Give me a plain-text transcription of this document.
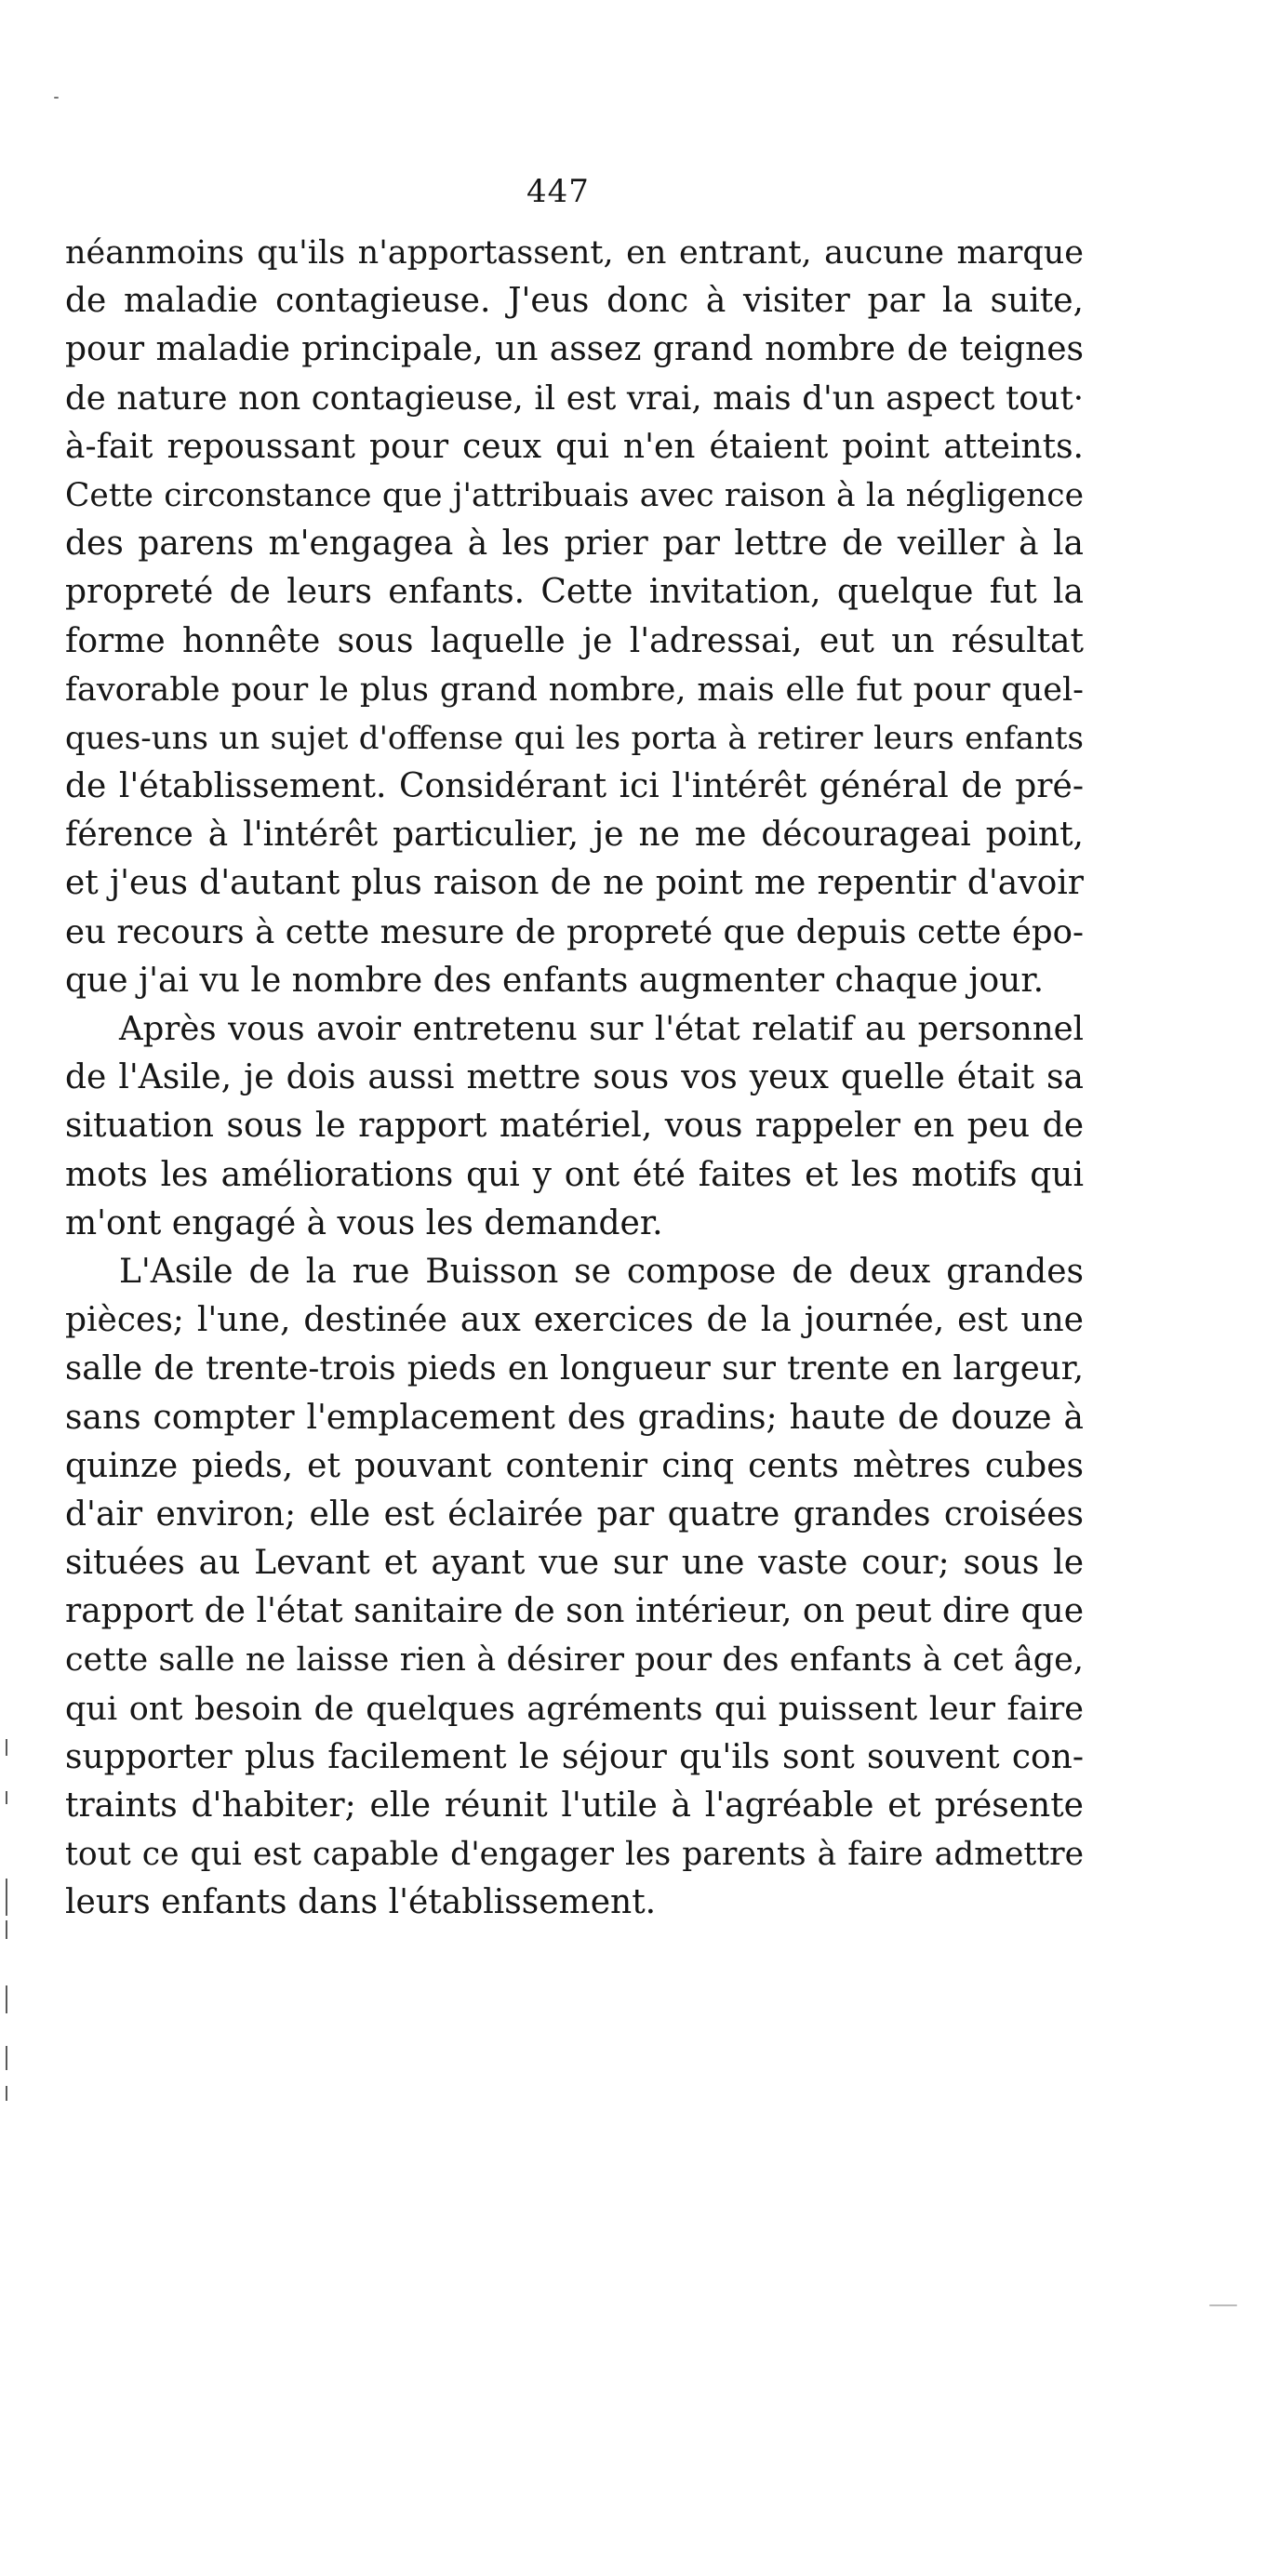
447
néanmoins qu'ils n'apportassent, en entrant, aucune marque
de maladie contagieuse. J'eus donc à visiter par la suite,
pour maladie principale, un assez grand nombre de teignes
de nature non contagieuse, il est vrai, mais d'un aspect tout·
à-fait repoussant pour ceux qui n'en étaient point atteints.
Cette circonstance que j'attribuais avec raison à la négligence
des parens m'engagea à les prier par lettre de veiller à la
propreté de leurs enfants. Cette invitation, quelque fut la
forme honnête sous laquelle je l'adressai, eut un résultat
favorable pour le plus grand nombre, mais elle fut pour quel-
ques-uns un sujet d'offense qui les porta à retirer leurs enfants
de l'établissement. Considérant ici l'intérêt général de pré-
férence à l'intérêt particulier, je ne me décourageai point,
et j'eus d'autant plus raison de ne point me repentir d'avoir
eu recours à cette mesure de propreté que depuis cette épo-
que j'ai vu le nombre des enfants augmenter chaque jour.
Après vous avoir entretenu sur l'état relatif au personnel
de l'Asile, je dois aussi mettre sous vos yeux quelle était sa
situation sous le rapport matériel, vous rappeler en peu de
mots les améliorations qui y ont été faites et les motifs qui
m'ont engagé à vous les demander.
L'Asile de la rue Buisson se compose de deux grandes
pièces; l'une, destinée aux exercices de la journée, est une
salle de trente-trois pieds en longueur sur trente en largeur,
sans compter l'emplacement des gradins; haute de douze à
quinze pieds, et pouvant contenir cinq cents mètres cubes
d'air environ; elle est éclairée par quatre grandes croisées
situées au Levant et ayant vue sur une vaste cour; sous le
rapport de l'état sanitaire de son intérieur, on peut dire que
cette salle ne laisse rien à désirer pour des enfants à cet âge,
qui ont besoin de quelques agréments qui puissent leur faire
supporter plus facilement le séjour qu'ils sont souvent con-
traints d'habiter; elle réunit l'utile à l'agréable et présente
tout ce qui est capable d'engager les parents à faire admettre
leurs enfants dans l'établissement.
